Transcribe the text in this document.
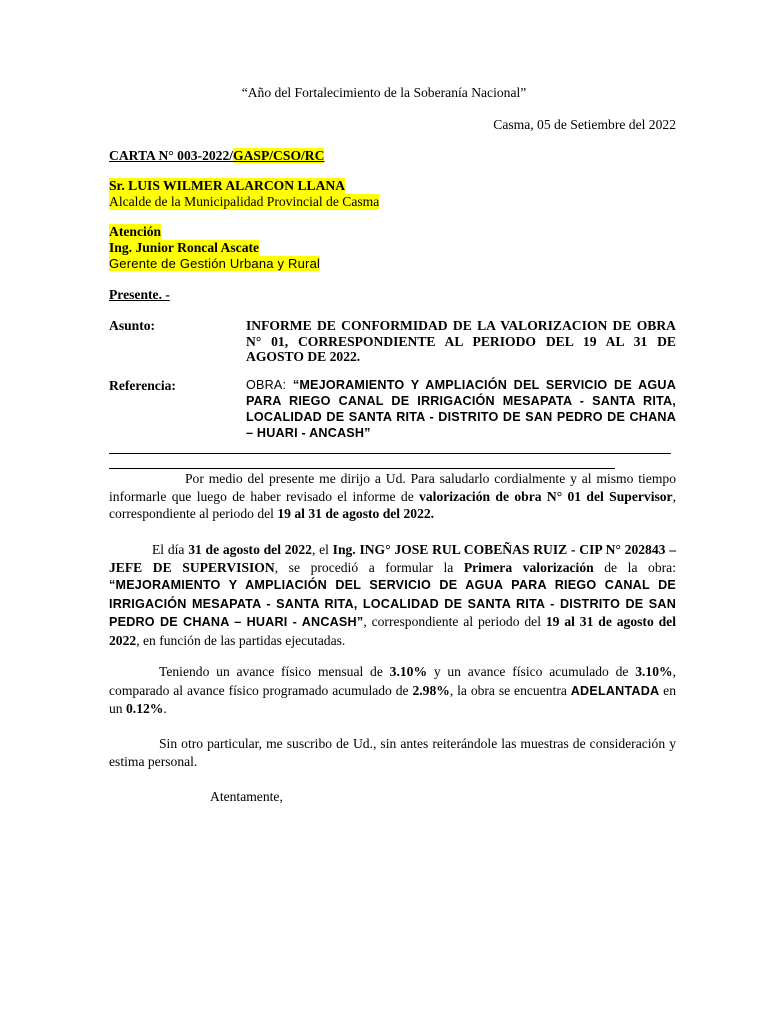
“Año del Fortalecimiento de la Soberanía Nacional”
Casma, 05 de Setiembre del 2022
CARTA N° 003-2022/GASP/CSO/RC
Sr. LUIS WILMER ALARCON LLANA
Alcalde de la Municipalidad Provincial de Casma
Atención
Ing. Junior Roncal Ascate
Gerente de Gestión Urbana y Rural
Presente. -
Asunto:	INFORME DE CONFORMIDAD DE LA VALORIZACION DE OBRA N° 01, CORRESPONDIENTE AL PERIODO DEL 19 AL 31 DE AGOSTO DE 2022.
Referencia:	OBRA: “MEJORAMIENTO Y AMPLIACIÓN DEL SERVICIO DE AGUA PARA RIEGO CANAL DE IRRIGACIÓN MESAPATA - SANTA RITA, LOCALIDAD DE SANTA RITA - DISTRITO DE SAN PEDRO DE CHANA – HUARI - ANCASH”

Por medio del presente me dirijo a Ud. Para saludarlo cordialmente y al mismo tiempo informarle que luego de haber revisado el informe de valorización de obra N° 01 del Supervisor, correspondiente al periodo del 19 al 31 de agosto del 2022.

El día 31 de agosto del 2022, el Ing. ING° JOSE RUL COBEÑAS RUIZ - CIP N° 202843 – JEFE DE SUPERVISION, se procedió a formular la Primera valorización de la obra: “MEJORAMIENTO Y AMPLIACIÓN DEL SERVICIO DE AGUA PARA RIEGO CANAL DE IRRIGACIÓN MESAPATA - SANTA RITA, LOCALIDAD DE SANTA RITA - DISTRITO DE SAN PEDRO DE CHANA – HUARI - ANCASH”, correspondiente al periodo del 19 al 31 de agosto del 2022, en función de las partidas ejecutadas.

Teniendo un avance físico mensual de 3.10% y un avance físico acumulado de 3.10%, comparado al avance físico programado acumulado de 2.98%, la obra se encuentra ADELANTADA en un 0.12%.

Sin otro particular, me suscribo de Ud., sin antes reiterándole las muestras de consideración y estima personal.

Atentamente,
